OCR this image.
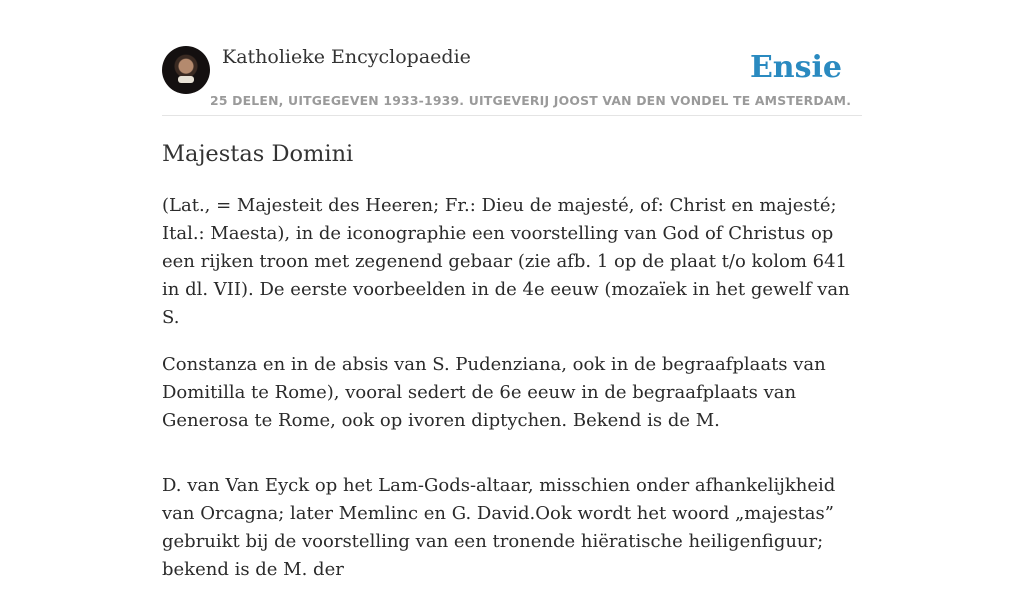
Katholieke Encyclopaedie
25 DELEN, UITGEGEVEN 1933-1939. UITGEVERIJ JOOST VAN DEN VONDEL TE AMSTERDAM.
Ensie
Majestas Domini

(Lat., = Majesteit des Heeren; Fr.: Dieu de majesté, of: Christ en majesté; Ital.: Maesta), in de iconographie een voorstelling van God of Christus op een rijken troon met zegenend gebaar (zie afb. 1 op de plaat t/o kolom 641 in dl. VII). De eerste voorbeelden in de 4e eeuw (mozaïek in het gewelf van S.

Constanza en in de absis van S. Pudenziana, ook in de begraafplaats van Domitilla te Rome), vooral sedert de 6e eeuw in de begraafplaats van Generosa te Rome, ook op ivoren diptychen. Bekend is de M.

D. van Van Eyck op het Lam-Gods-altaar, misschien onder afhankelijkheid van Orcagna; later Memlinc en G. David.Ook wordt het woord „majestas” gebruikt bij de voorstelling van een tronende hiëratische heiligenfiguur; bekend is de M. der
